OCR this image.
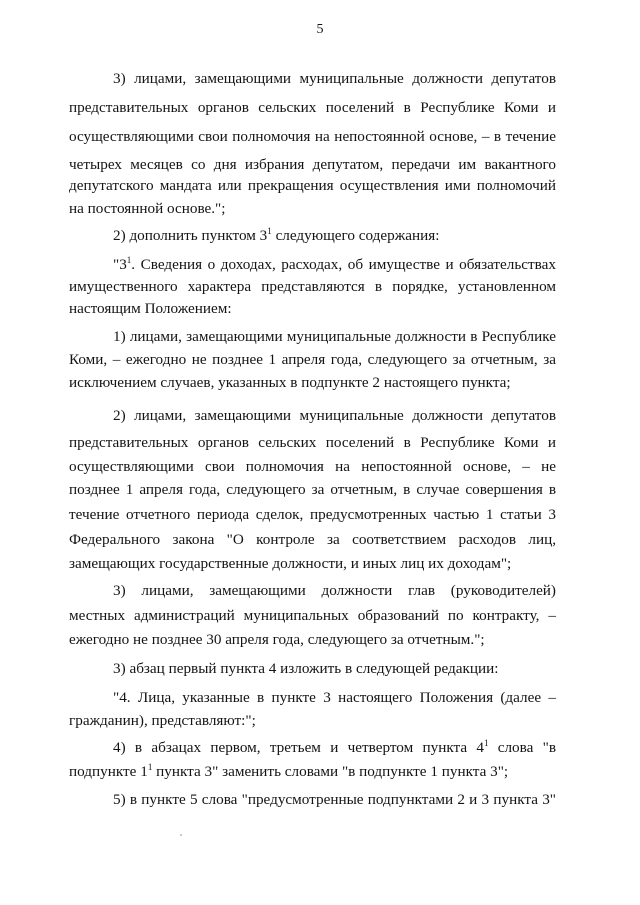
5
3) лицами, замещающими муниципальные должности депутатов
представительных органов сельских поселений в Республике Коми и
осуществляющими свои полномочия на непостоянной основе, – в течение
четырех месяцев со дня избрания депутатом, передачи им вакантного
депутатского мандата или прекращения осуществления ими полномочий
на постоянной основе.";
2) дополнить пунктом $3^1$ следующего содержания:
"$3^1$. Сведения о доходах, расходах, об имуществе и обязательствах
имущественного характера представляются в порядке, установленном
настоящим Положением:
1) лицами, замещающими муниципальные должности в Республике
Коми, – ежегодно не позднее 1 апреля года, следующего за отчетным, за
исключением случаев, указанных в подпункте 2 настоящего пункта;
2) лицами, замещающими муниципальные должности депутатов
представительных органов сельских поселений в Республике Коми и
осуществляющими свои полномочия на непостоянной основе, – не
позднее 1 апреля года, следующего за отчетным, в случае совершения в
течение отчетного периода сделок, предусмотренных частью 1 статьи 3
Федерального закона "О контроле за соответствием расходов лиц,
замещающих государственные должности, и иных лиц их доходам";
3) лицами, замещающими должности глав (руководителей)
местных администраций муниципальных образований по контракту, –
ежегодно не позднее 30 апреля года, следующего за отчетным.";
3) абзац первый пункта 4 изложить в следующей редакции:
"4. Лица, указанные в пункте 3 настоящего Положения (далее –
гражданин), представляют:";
4) в абзацах первом, третьем и четвертом пункта $4^1$ слова "в
подпункте $1^1$ пункта 3" заменить словами "в подпункте 1 пункта 3";
5) в пункте 5 слова "предусмотренные подпунктами 2 и 3 пункта 3"
